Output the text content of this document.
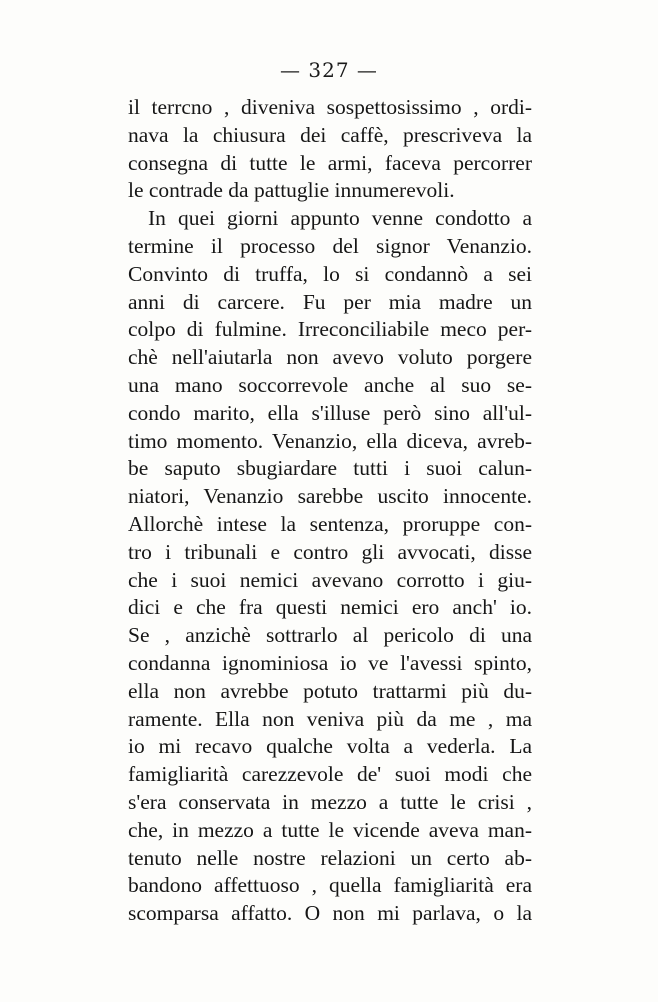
— 327 —
il terrcno , diveniva sospettosissimo , ordi-
nava la chiusura dei caffè, prescriveva la
consegna di tutte le armi, faceva percorrer
le contrade da pattuglie innumerevoli.
In quei giorni appunto venne condotto a
termine il processo del signor Venanzio.
Convinto di truffa, lo si condannò a sei
anni di carcere. Fu per mia madre un
colpo di fulmine. Irreconciliabile meco per-
chè nell'aiutarla non avevo voluto porgere
una mano soccorrevole anche al suo se-
condo marito, ella s'illuse però sino all'ul-
timo momento. Venanzio, ella diceva, avreb-
be saputo sbugiardare tutti i suoi calun-
niatori, Venanzio sarebbe uscito innocente.
Allorchè intese la sentenza, proruppe con-
tro i tribunali e contro gli avvocati, disse
che i suoi nemici avevano corrotto i giu-
dici e che fra questi nemici ero anch' io.
Se , anzichè sottrarlo al pericolo di una
condanna ignominiosa io ve l'avessi spinto,
ella non avrebbe potuto trattarmi più du-
ramente. Ella non veniva più da me , ma
io mi recavo qualche volta a vederla. La
famigliarità carezzevole de' suoi modi che
s'era conservata in mezzo a tutte le crisi ,
che, in mezzo a tutte le vicende aveva man-
tenuto nelle nostre relazioni un certo ab-
bandono affettuoso , quella famigliarità era
scomparsa affatto. O non mi parlava, o la
